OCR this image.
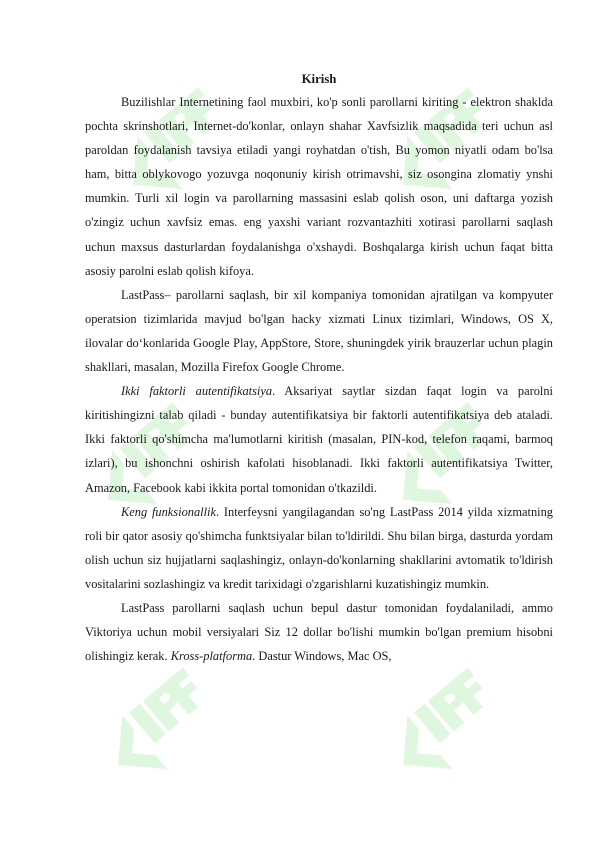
Kirish

Buzilishlar Internetining faol muxbiri, ko'p sonli parollarni kiriting - elektron shaklda pochta skrinshotlari, Internet-do'konlar, onlayn shahar Xavfsizlik maqsadida teri uchun asl paroldan foydalanish tavsiya etiladi yangi royhatdan o'tish, Bu yomon niyatli odam bo'lsa ham, bitta oblykovogo yozuvga noqonuniy kirish otrimavshi, siz osongina zlomatiy ynshi mumkin. Turli xil login va parollarning massasini eslab qolish oson, uni daftarga yozish o'zingiz uchun xavfsiz emas. eng yaxshi variant rozvantazhiti xotirasi parollarni saqlash uchun maxsus dasturlardan foydalanishga o'xshaydi. Boshqalarga kirish uchun faqat bitta asosiy parolni eslab qolish kifoya.

LastPass– parollarni saqlash, bir xil kompaniya tomonidan ajratilgan va kompyuter operatsion tizimlarida mavjud bo'lgan hacky xizmati Linux tizimlari, Windows, OS X, ilovalar do‘konlarida Google Play, AppStore, Store, shuningdek yirik brauzerlar uchun plagin shakllari, masalan, Mozilla Firefox Google Chrome.

Ikki faktorli autentifikatsiya. Aksariyat saytlar sizdan faqat login va parolni kiritishingizni talab qiladi - bunday autentifikatsiya bir faktorli autentifikatsiya deb ataladi. Ikki faktorli qo'shimcha ma'lumotlarni kiritish (masalan, PIN-kod, telefon raqami, barmoq izlari), bu ishonchni oshirish kafolati hisoblanadi. Ikki faktorli autentifikatsiya Twitter, Amazon, Facebook kabi ikkita portal tomonidan o'tkazildi.

Keng funksionallik. Interfeysni yangilagandan so'ng LastPass 2014 yilda xizmatning roli bir qator asosiy qo'shimcha funktsiyalar bilan to'ldirildi. Shu bilan birga, dasturda yordam olish uchun siz hujjatlarni saqlashingiz, onlayn-do'konlarning shakllarini avtomatik to'ldirish vositalarini sozlashingiz va kredit tarixidagi o'zgarishlarni kuzatishingiz mumkin.

LastPass parollarni saqlash uchun bepul dastur tomonidan foydalaniladi, ammo Viktoriya uchun mobil versiyalari Siz 12 dollar bo'lishi mumkin bo'lgan premium hisobni olishingiz kerak. Kross-platforma. Dastur Windows, Mac OS,
